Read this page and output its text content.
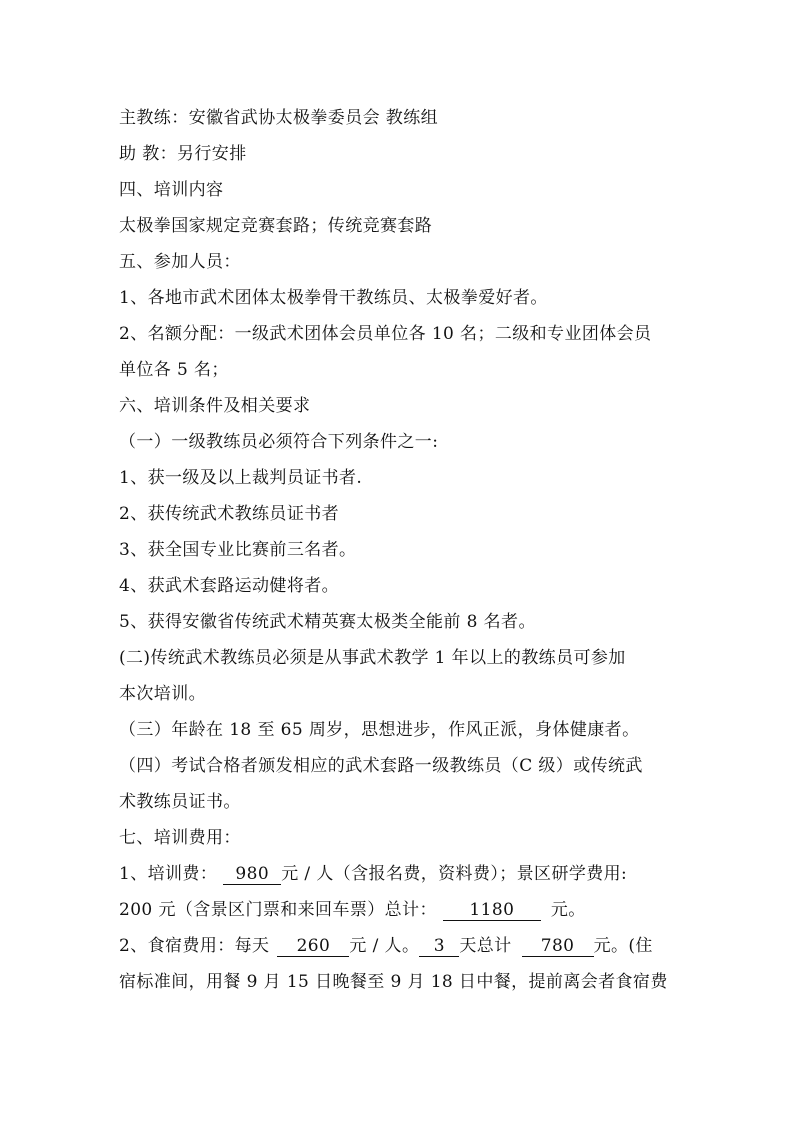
主教练：安徽省武协太极拳委员会 教练组
助 教：另行安排
四、培训内容
太极拳国家规定竞赛套路；传统竞赛套路
五、参加人员：
1、各地市武术团体太极拳骨干教练员、太极拳爱好者。
2、名额分配：一级武术团体会员单位各 10 名；二级和专业团体会员
单位各 5 名；
六、培训条件及相关要求
（一）一级教练员必须符合下列条件之一:
1、获一级及以上裁判员证书者.
2、获传统武术教练员证书者
3、获全国专业比赛前三名者。
4、获武术套路运动健将者。
5、获得安徽省传统武术精英赛太极类全能前 8 名者。
(二)传统武术教练员必须是从事武术教学 1 年以上的教练员可参加
本次培训。
（三）年龄在 18 至 65 周岁，思想进步，作风正派，身体健康者。
（四）考试合格者颁发相应的武术套路一级教练员（C 级）或传统武
术教练员证书。
七、培训费用：
1、培训费： 980 元 / 人（含报名费，资料费）；景区研学费用:
200 元（含景区门票和来回车票）总计： 1180 元。
2、食宿费用：每天 260 元 / 人。 3 天总计 780 元。(住
宿标准间，用餐 9 月 15 日晚餐至 9 月 18 日中餐，提前离会者食宿费
